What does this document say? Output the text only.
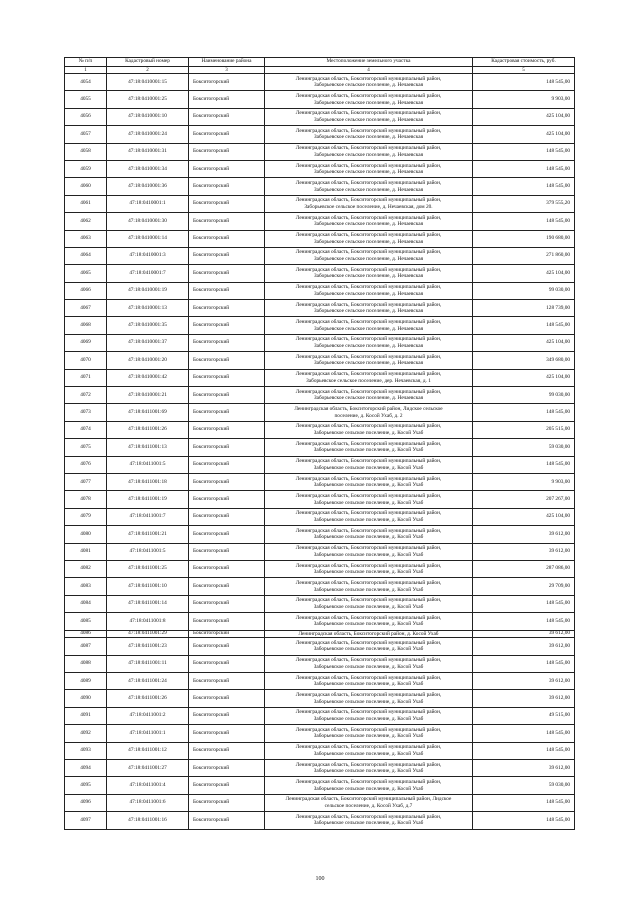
№ п/п	Кадастровый номер	Наименование района	Местоположение земельного участка	Кадастровая стоимость, руб.
1	2	3	4	5
4054	47:18:0410001:15	Бокситогорский	Ленинградская область, Бокситогорский муниципальный район,
Заборьевское сельское поселение, д. Нечаевская	148 545,00
4055	47:18:0410001:25	Бокситогорский	Ленинградская область, Бокситогорский муниципальный район,
Заборьевское сельское поселение, д. Нечаевская	9 903,00
4056	47:18:0410001:10	Бокситогорский	Ленинградская область, Бокситогорский муниципальный район,
Заборьевское сельское поселение, д. Нечаевская	425 104,00
4057	47:18:0410001:24	Бокситогорский	Ленинградская область, Бокситогорский муниципальный район,
Заборьевское сельское поселение, д. Нечаевская	425 104,00
4058	47:18:0410001:31	Бокситогорский	Ленинградская область, Бокситогорский муниципальный район,
Заборьевское сельское поселение, д. Нечаевская	148 545,00
4059	47:18:0410001:34	Бокситогорский	Ленинградская область, Бокситогорский муниципальный район,
Заборьевское сельское поселение, д. Нечаевская	148 545,00
4060	47:18:0410001:36	Бокситогорский	Ленинградская область, Бокситогорский муниципальный район,
Заборьевское сельское поселение, д. Нечаевская	148 545,00
4061	47:18:0410001:1	Бокситогорский	Ленинградская область, Бокситогорский муниципальный район,
Заборьевское сельское поселение, д. Нечаевская, дом 20.	379 555,20
4062	47:18:0410001:30	Бокситогорский	Ленинградская область, Бокситогорский муниципальный район,
Заборьевское сельское поселение, д. Нечаевская	148 545,00
4063	47:18:0410001:14	Бокситогорский	Ленинградская область, Бокситогорский муниципальный район,
Заборьевское сельское поселение, д. Нечаевская	190 680,00
4064	47:18:0410001:3	Бокситогорский	Ленинградская область, Бокситогорский муниципальный район,
Заборьевское сельское поселение, д. Нечаевская	271 860,00
4065	47:18:0410001:7	Бокситогорский	Ленинградская область, Бокситогорский муниципальный район,
Заборьевское сельское поселение, д. Нечаевская	425 104,00
4066	47:18:0410001:19	Бокситогорский	Ленинградская область, Бокситогорский муниципальный район,
Заборьевское сельское поселение, д. Нечаевская	99 030,00
4067	47:18:0410001:13	Бокситогорский	Ленинградская область, Бокситогорский муниципальный район,
Заборьевское сельское поселение, д. Нечаевская	128 739,00
4068	47:18:0410001:35	Бокситогорский	Ленинградская область, Бокситогорский муниципальный район,
Заборьевское сельское поселение, д. Нечаевская	148 545,00
4069	47:18:0410001:37	Бокситогорский	Ленинградская область, Бокситогорский муниципальный район,
Заборьевское сельское поселение, д. Нечаевская	425 104,00
4070	47:18:0410001:20	Бокситогорский	Ленинградская область, Бокситогорский муниципальный район,
Заборьевское сельское поселение, д. Нечаевская	349 680,00
4071	47:18:0410001:42	Бокситогорский	Ленинградская область, Бокситогорский муниципальный район,
Заборьевское сельское поселение, дер. Нечаевская, д. 1	425 104,00
4072	47:18:0410001:21	Бокситогорский	Ленинградская область, Бокситогорский муниципальный район,
Заборьевское сельское поселение, д. Нечаевская	99 030,00
4073	47:18:0411001:69	Бокситогорский	Ленинградская область, Бокситогорский район, Лидское сельское
поселение, д. Косой Ухаб, д. 2	148 545,00
4074	47:18:0411001:26	Бокситогорский	Ленинградская область, Бокситогорский муниципальный район,
Заборьевское сельское поселение, д. Косой Ухаб	205 515,00
4075	47:18:0411001:13	Бокситогорский	Ленинградская область, Бокситогорский муниципальный район,
Заборьевское сельское поселение, д. Косой Ухаб	59 030,00
4076	47:18:0411001:5	Бокситогорский	Ленинградская область, Бокситогорский муниципальный район,
Заборьевское сельское поселение, д. Косой Ухаб	148 545,00
4077	47:18:0411001:18	Бокситогорский	Ленинградская область, Бокситогорский муниципальный район,
Заборьевское сельское поселение, д. Косой Ухаб	9 903,00
4078	47:18:0411001:19	Бокситогорский	Ленинградская область, Бокситогорский муниципальный район,
Заборьевское сельское поселение, д. Косой Ухаб	207 267,00
4079	47:18:0411001:7	Бокситогорский	Ленинградская область, Бокситогорский муниципальный район,
Заборьевское сельское поселение, д. Косой Ухаб	425 104,00
4080	47:18:0411001:21	Бокситогорский	Ленинградская область, Бокситогорский муниципальный район,
Заборьевское сельское поселение, д. Косой Ухаб	39 612,00
4081	47:18:0411001:5	Бокситогорский	Ленинградская область, Бокситогорский муниципальный район,
Заборьевское сельское поселение, д. Косой Ухаб	39 612,00
4082	47:18:0411001:25	Бокситогорский	Ленинградская область, Бокситогорский муниципальный район,
Заборьевское сельское поселение, д. Косой Ухаб	287 086,00
4083	47:18:0411001:10	Бокситогорский	Ленинградская область, Бокситогорский муниципальный район,
Заборьевское сельское поселение, д. Косой Ухаб	29 709,00
4084	47:18:0411001:14	Бокситогорский	Ленинградская область, Бокситогорский муниципальный район,
Заборьевское сельское поселение, д. Косой Ухаб	148 545,00
4085	47:18:0411001:8	Бокситогорский	Ленинградская область, Бокситогорский муниципальный район,
Заборьевское сельское поселение, д. Косой Ухаб	148 545,00
4086	47:18:0411001:29	Бокситогорский	Ленинградская область, Бокситогорский район, д. Косой Ухаб	39 612,00
4087	47:18:0411001:23	Бокситогорский	Ленинградская область, Бокситогорский муниципальный район,
Заборьевское сельское поселение, д. Косой Ухаб	39 612,00
4088	47:18:0411001:11	Бокситогорский	Ленинградская область, Бокситогорский муниципальный район,
Заборьевское сельское поселение, д. Косой Ухаб	148 545,00
4089	47:18:0411001:24	Бокситогорский	Ленинградская область, Бокситогорский муниципальный район,
Заборьевское сельское поселение, д. Косой Ухаб	39 612,00
4090	47:18:0411001:26	Бокситогорский	Ленинградская область, Бокситогорский муниципальный район,
Заборьевское сельское поселение, д. Косой Ухаб	39 612,00
4091	47:18:0411001:2	Бокситогорский	Ленинградская область, Бокситогорский муниципальный район,
Заборьевское сельское поселение, д. Косой Ухаб	49 515,00
4092	47:18:0411001:1	Бокситогорский	Ленинградская область, Бокситогорский муниципальный район,
Заборьевское сельское поселение, д. Косой Ухаб	148 545,00
4093	47:18:0411001:12	Бокситогорский	Ленинградская область, Бокситогорский муниципальный район,
Заборьевское сельское поселение, д. Косой Ухаб	148 545,00
4094	47:18:0411001:27	Бокситогорский	Ленинградская область, Бокситогорский муниципальный район,
Заборьевское сельское поселение, д. Косой Ухаб	39 612,00
4095	47:18:0411001:4	Бокситогорский	Ленинградская область, Бокситогорский муниципальный район,
Заборьевское сельское поселение, д. Косой Ухаб	59 030,00
4096	47:18:0411001:6	Бокситогорский	Ленинградская область, Бокситогорский муниципальный район, Лидское
сельское поселение, д. Косой Ухаб, д.7	148 545,00
4097	47:18:0411001:16	Бокситогорский	Ленинградская область, Бокситогорский муниципальный район,
Заборьевское сельское поселение, д. Косой Ухаб	148 545,00
100
